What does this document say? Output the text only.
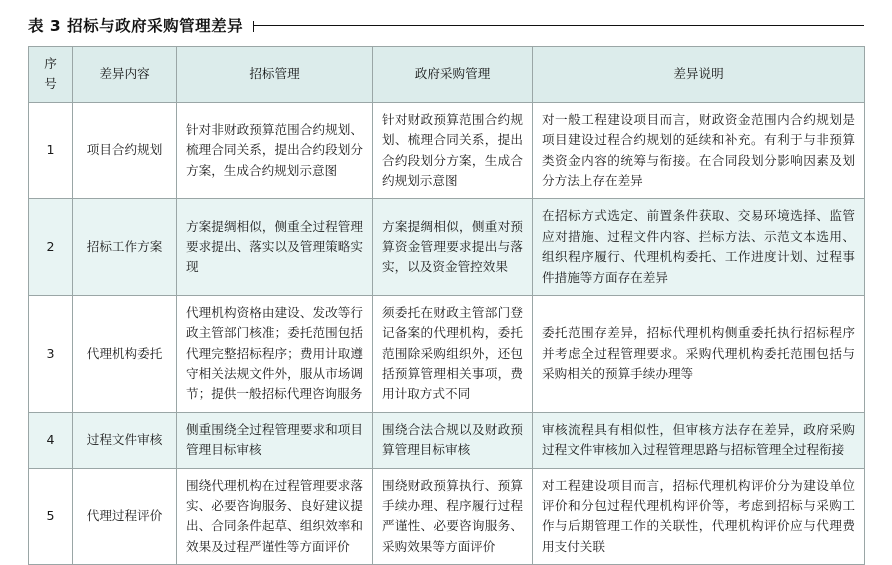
表 3 招标与政府采购管理差异
序号	差异内容	招标管理	政府采购管理	差异说明
1	项目合约规划	针对非财政预算范围合约规划、梳理合同关系，提出合约段划分方案，生成合约规划示意图	针对财政预算范围合约规划、梳理合同关系，提出合约段划分方案，生成合约规划示意图	对一般工程建设项目而言，财政资金范围内合约规划是项目建设过程合约规划的延续和补充。有利于与非预算类资金内容的统筹与衔接。在合同段划分影响因素及划分方法上存在差异
2	招标工作方案	方案提绸相似，侧重全过程管理要求提出、落实以及管理策略实现	方案提绸相似，侧重对预算资金管理要求提出与落实，以及资金管控效果	在招标方式选定、前置条件获取、交易环境选择、监管应对措施、过程文件内容、拦标方法、示范文本选用、组织程序履行、代理机构委托、工作进度计划、过程事件措施等方面存在差异
3	代理机构委托	代理机构资格由建设、发改等行政主管部门核准；委托范围包括代理完整招标程序；费用计取遵守相关法规文件外，服从市场调节；提供一般招标代理咨询服务	须委托在财政主管部门登记备案的代理机构，委托范围除采购组织外，还包括预算管理相关事项，费用计取方式不同	委托范围存差异，招标代理机构侧重委托执行招标程序并考虑全过程管理要求。采购代理机构委托范围包括与采购相关的预算手续办理等
4	过程文件审核	侧重围绕全过程管理要求和项目管理目标审核	围绕合法合规以及财政预算管理目标审核	审核流程具有相似性，但审核方法存在差异，政府采购过程文件审核加入过程管理思路与招标管理全过程衔接
5	代理过程评价	围绕代理机构在过程管理要求落实、必要咨询服务、良好建议提出、合同条件起草、组织效率和效果及过程严谨性等方面评价	围绕财政预算执行、预算手续办理、程序履行过程严谨性、必要咨询服务、采购效果等方面评价	对工程建设项目而言，招标代理机构评价分为建设单位评价和分包过程代理机构评价等，考虑到招标与采购工作与后期管理工作的关联性，代理机构评价应与代理费用支付关联
